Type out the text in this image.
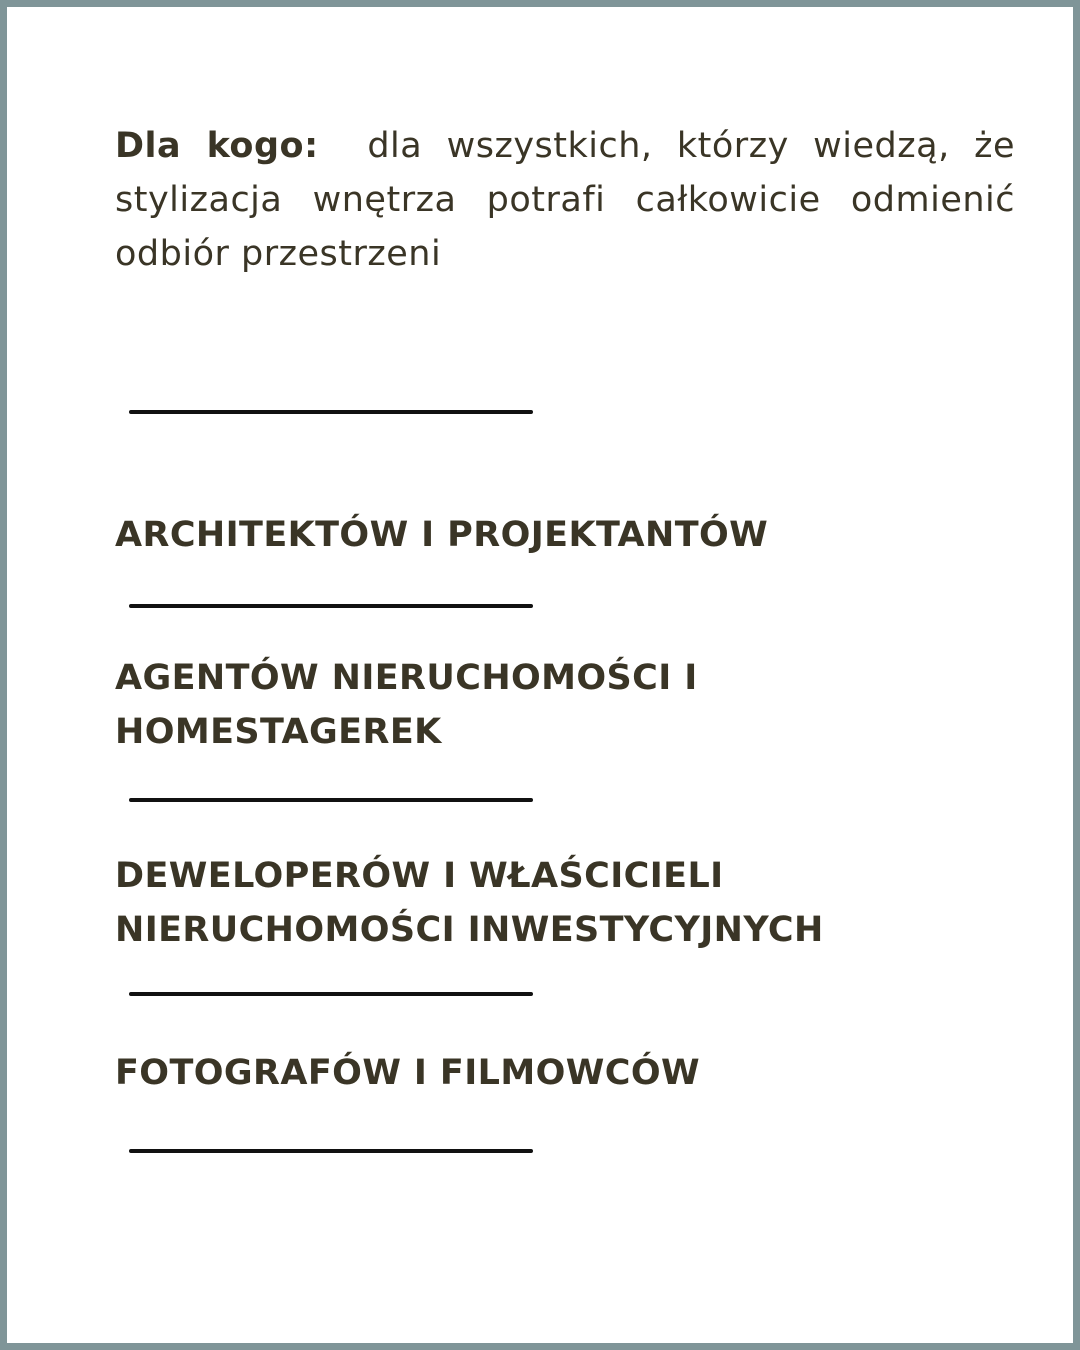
Dla kogo: dla wszystkich, którzy wiedzą, że stylizacja wnętrza potrafi całkowicie odmienić odbiór przestrzeni

ARCHITEKTÓW I PROJEKTANTÓW

AGENTÓW NIERUCHOMOŚCI I
HOMESTAGEREK

DEWELOPERÓW I WŁAŚCICIELI
NIERUCHOMOŚCI INWESTYCYJNYCH

FOTOGRAFÓW I FILMOWCÓW
